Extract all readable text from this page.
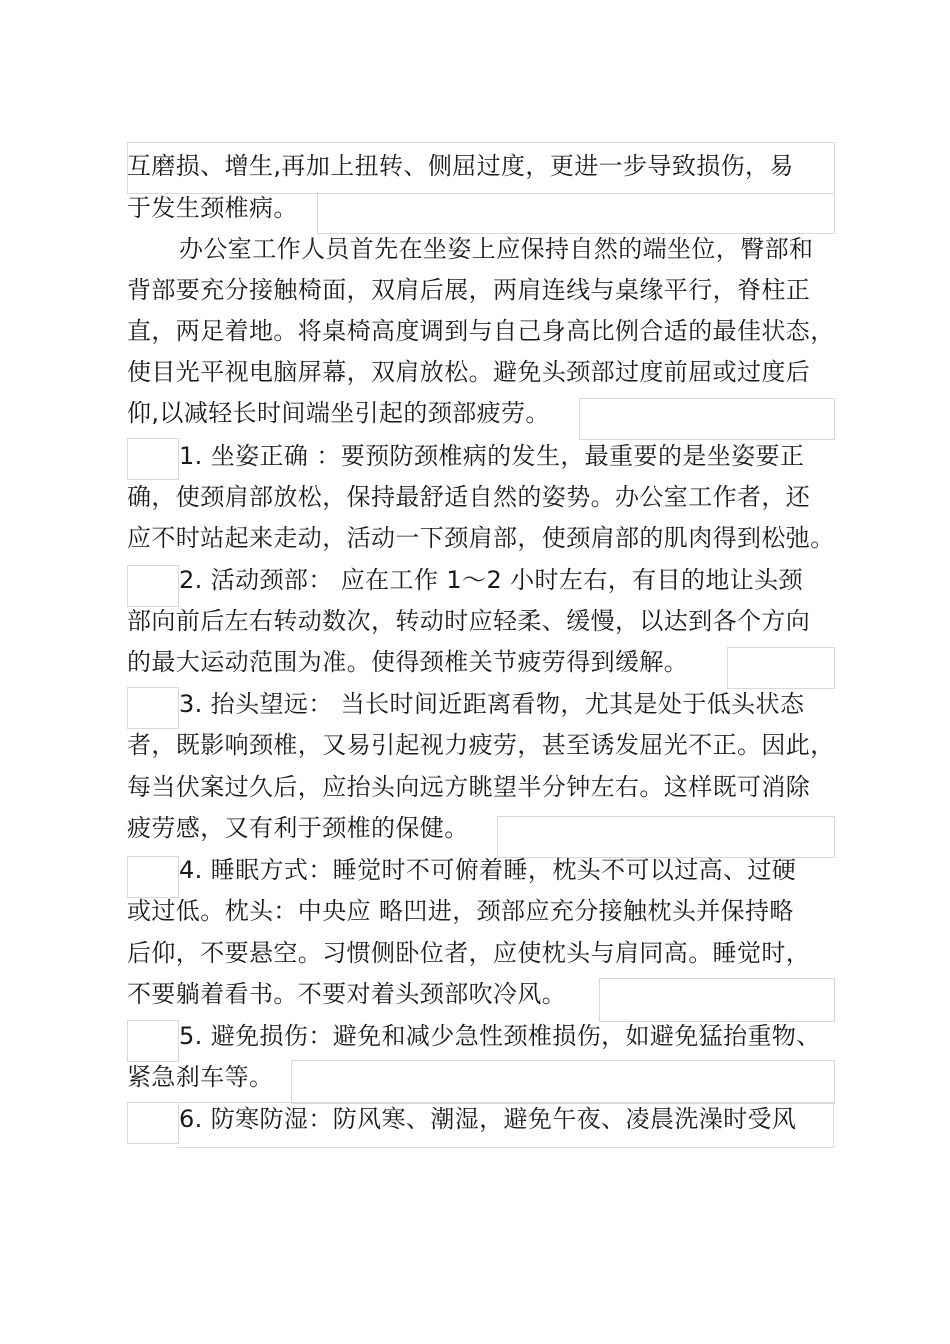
互磨损、增生,再加上扭转、侧屈过度，更进一步导致损伤，易
于发生颈椎病。
办公室工作人员首先在坐姿上应保持自然的端坐位，臀部和
背部要充分接触椅面，双肩后展，两肩连线与桌缘平行，脊柱正
直，两足着地。将桌椅高度调到与自己身高比例合适的最佳状态，
使目光平视电脑屏幕，双肩放松。避免头颈部过度前屈或过度后
仰,以减轻长时间端坐引起的颈部疲劳。
1. 坐姿正确 ：要预防颈椎病的发生，最重要的是坐姿要正
确，使颈肩部放松，保持最舒适自然的姿势。办公室工作者，还
应不时站起来走动，活动一下颈肩部，使颈肩部的肌肉得到松弛。
2. 活动颈部： 应在工作 1～2 小时左右，有目的地让头颈
部向前后左右转动数次，转动时应轻柔、缓慢，以达到各个方向
的最大运动范围为准。使得颈椎关节疲劳得到缓解。
3. 抬头望远： 当长时间近距离看物，尤其是处于低头状态
者，既影响颈椎，又易引起视力疲劳，甚至诱发屈光不正。因此，
每当伏案过久后，应抬头向远方眺望半分钟左右。这样既可消除
疲劳感，又有利于颈椎的保健。
4. 睡眠方式：睡觉时不可俯着睡，枕头不可以过高、过硬
或过低。枕头：中央应 略凹进，颈部应充分接触枕头并保持略
后仰，不要悬空。习惯侧卧位者，应使枕头与肩同高。睡觉时，
不要躺着看书。不要对着头颈部吹冷风。
5. 避免损伤：避免和减少急性颈椎损伤，如避免猛抬重物、
紧急刹车等。
6. 防寒防湿：防风寒、潮湿，避免午夜、凌晨洗澡时受风
